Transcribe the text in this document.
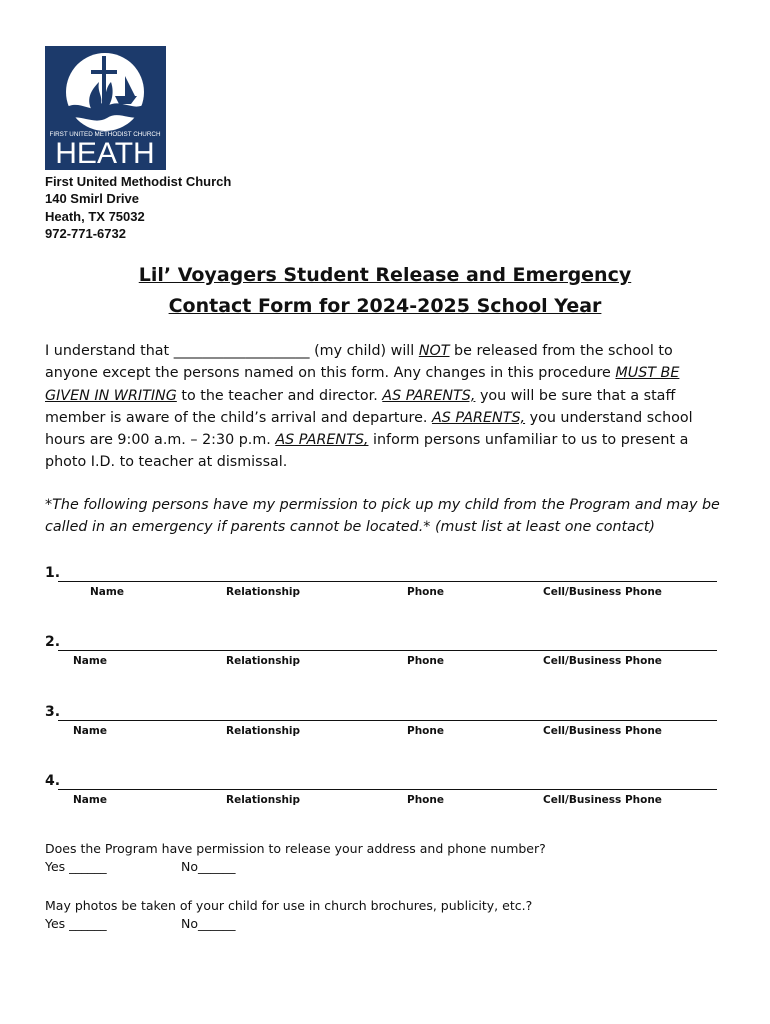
FIRST UNITED METHODIST CHURCH
HEATH
First United Methodist Church
140 Smirl Drive
Heath, TX 75032
972-771-6732
Lil’ Voyagers Student Release and Emergency
Contact Form for 2024-2025 School Year
I understand that ___________________ (my child) will NOT be released from the school to
anyone except the persons named on this form. Any changes in this procedure MUST BE
GIVEN IN WRITING to the teacher and director. AS PARENTS, you will be sure that a staff
member is aware of the child’s arrival and departure. AS PARENTS, you understand school
hours are 9:00 a.m. – 2:30 p.m. AS PARENTS, inform persons unfamiliar to us to present a
photo I.D. to teacher at dismissal.
*The following persons have my permission to pick up my child from the Program and may be
called in an emergency if parents cannot be located.* (must list at least one contact)
1.
Name	Relationship	Phone	Cell/Business Phone
2.
Name	Relationship	Phone	Cell/Business Phone
3.
Name	Relationship	Phone	Cell/Business Phone
4.
Name	Relationship	Phone	Cell/Business Phone
Does the Program have permission to release your address and phone number?
Yes ______	No______
May photos be taken of your child for use in church brochures, publicity, etc.?
Yes ______	No______
